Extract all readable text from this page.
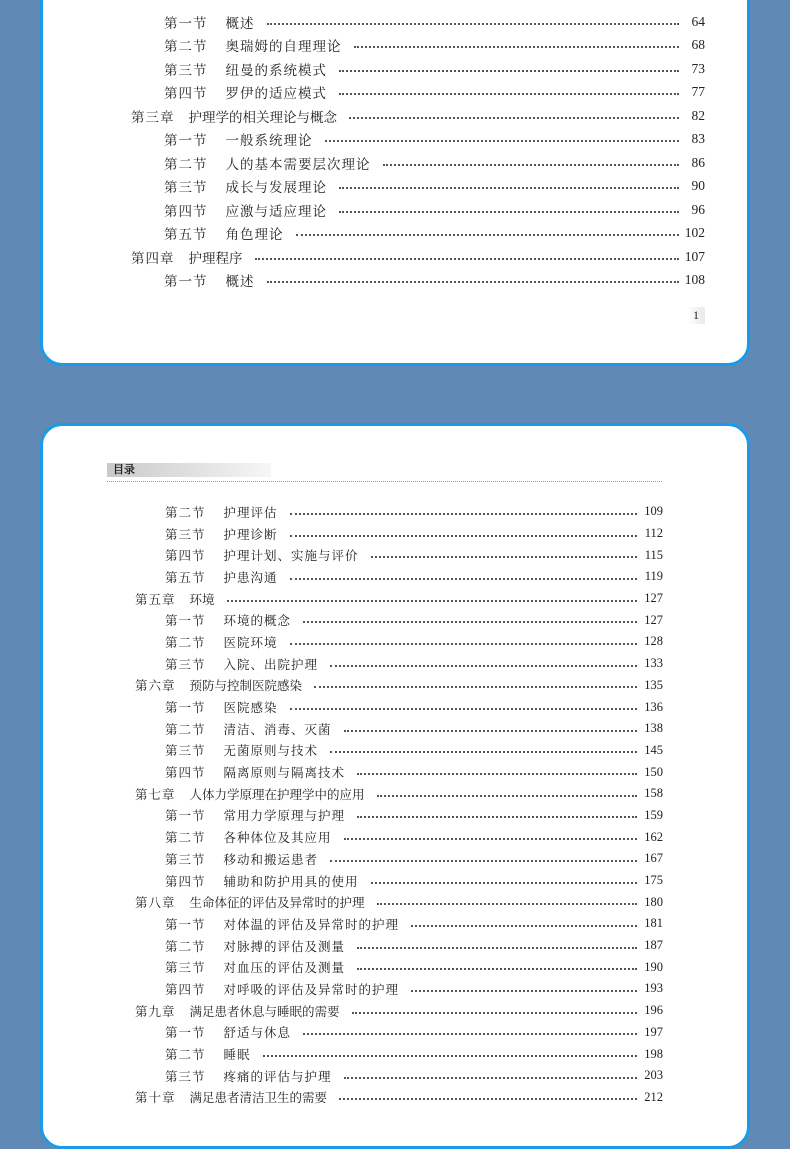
第一节 概述	64
第二节 奥瑞姆的自理理论	68
第三节 纽曼的系统模式	73
第四节 罗伊的适应模式	77
第三章 护理学的相关理论与概念	82
第一节 一般系统理论	83
第二节 人的基本需要层次理论	86
第三节 成长与发展理论	90
第四节 应激与适应理论	96
第五节 角色理论	102
第四章 护理程序	107
第一节 概述	108
1
目录
第二节 护理评估	109
第三节 护理诊断	112
第四节 护理计划、实施与评价	115
第五节 护患沟通	119
第五章 环境	127
第一节 环境的概念	127
第二节 医院环境	128
第三节 入院、出院护理	133
第六章 预防与控制医院感染	135
第一节 医院感染	136
第二节 清洁、消毒、灭菌	138
第三节 无菌原则与技术	145
第四节 隔离原则与隔离技术	150
第七章 人体力学原理在护理学中的应用	158
第一节 常用力学原理与护理	159
第二节 各种体位及其应用	162
第三节 移动和搬运患者	167
第四节 辅助和防护用具的使用	175
第八章 生命体征的评估及异常时的护理	180
第一节 对体温的评估及异常时的护理	181
第二节 对脉搏的评估及测量	187
第三节 对血压的评估及测量	190
第四节 对呼吸的评估及异常时的护理	193
第九章 满足患者休息与睡眠的需要	196
第一节 舒适与休息	197
第二节 睡眠	198
第三节 疼痛的评估与护理	203
第十章 满足患者清洁卫生的需要	212
